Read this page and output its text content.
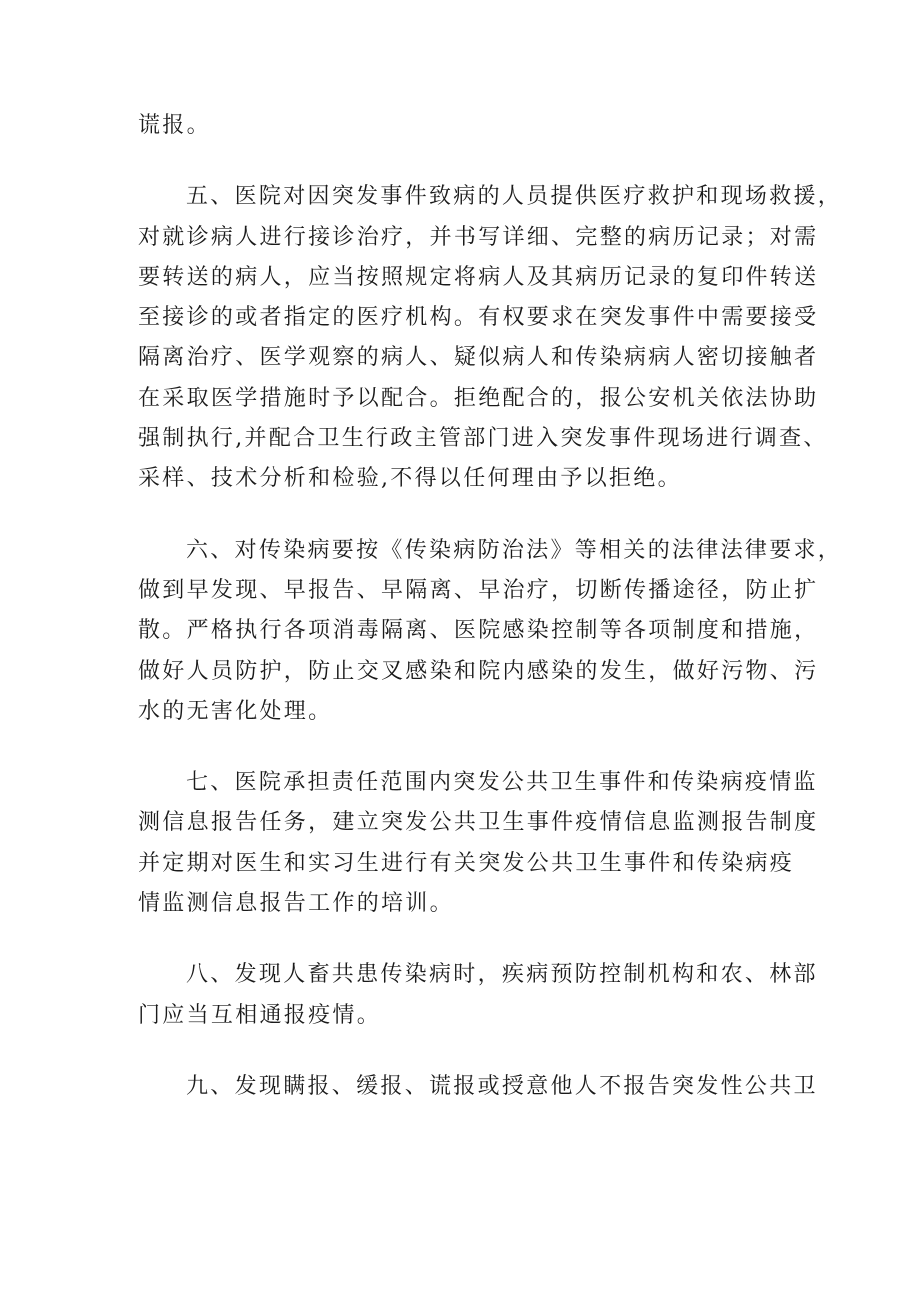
谎报。

五、医院对因突发事件致病的人员提供医疗救护和现场救援，
对就诊病人进行接诊治疗，并书写详细、完整的病历记录；对需
要转送的病人，应当按照规定将病人及其病历记录的复印件转送
至接诊的或者指定的医疗机构。有权要求在突发事件中需要接受
隔离治疗、医学观察的病人、疑似病人和传染病病人密切接触者
在采取医学措施时予以配合。拒绝配合的，报公安机关依法协助
强制执行,并配合卫生行政主管部门进入突发事件现场进行调查、
采样、技术分析和检验,不得以任何理由予以拒绝。

六、对传染病要按《传染病防治法》等相关的法律法律要求，
做到早发现、早报告、早隔离、早治疗，切断传播途径，防止扩
散。严格执行各项消毒隔离、医院感染控制等各项制度和措施，
做好人员防护，防止交叉感染和院内感染的发生，做好污物、污
水的无害化处理。

七、医院承担责任范围内突发公共卫生事件和传染病疫情监
测信息报告任务，建立突发公共卫生事件疫情信息监测报告制度
并定期对医生和实习生进行有关突发公共卫生事件和传染病疫
情监测信息报告工作的培训。

八、发现人畜共患传染病时，疾病预防控制机构和农、林部
门应当互相通报疫情。

九、发现瞒报、缓报、谎报或授意他人不报告突发性公共卫
